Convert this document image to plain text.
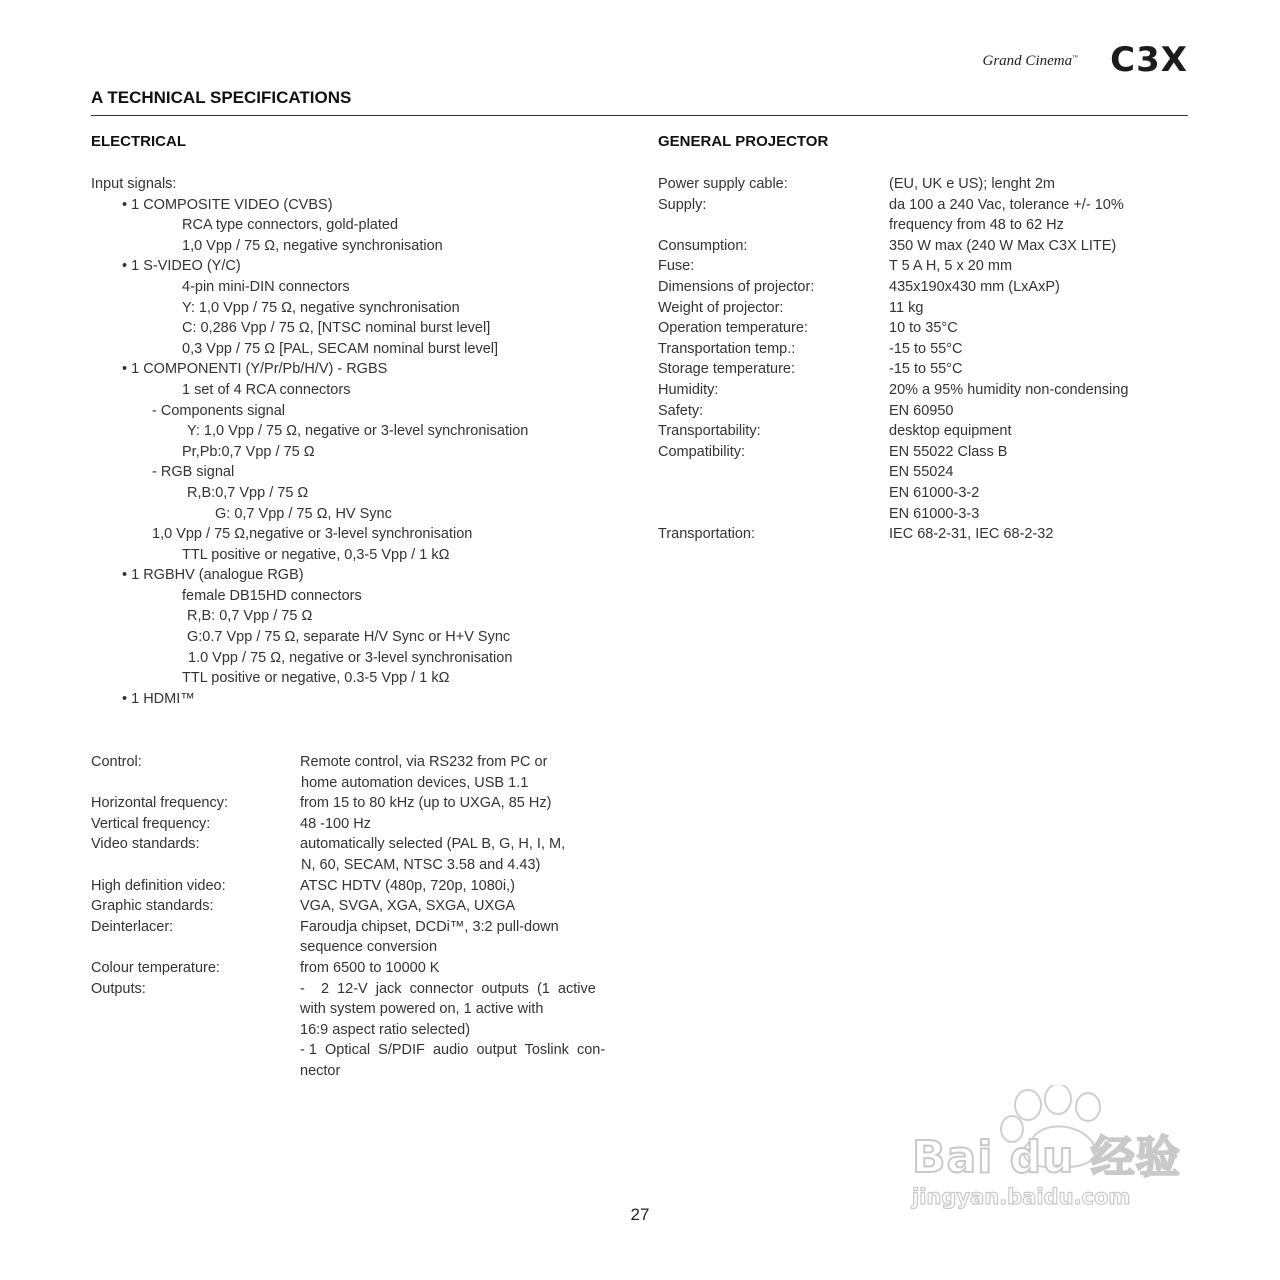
Grand Cinema™ C3X
A TECHNICAL SPECIFICATIONS
ELECTRICAL
Input signals:
• 1 COMPOSITE VIDEO (CVBS)
RCA type connectors, gold-plated
1,0 Vpp / 75 Ω, negative synchronisation
• 1 S-VIDEO (Y/C)
4-pin mini-DIN connectors
Y: 1,0 Vpp / 75 Ω, negative synchronisation
C: 0,286 Vpp / 75 Ω, [NTSC nominal burst level]
0,3 Vpp / 75 Ω [PAL, SECAM nominal burst level]
• 1 COMPONENTI (Y/Pr/Pb/H/V) - RGBS
1 set of 4 RCA connectors
- Components signal
Y: 1,0 Vpp / 75 Ω, negative or 3-level synchronisation
Pr,Pb:0,7 Vpp / 75 Ω
- RGB signal
R,B:0,7 Vpp / 75 Ω
G: 0,7 Vpp / 75 Ω, HV Sync
1,0 Vpp / 75 Ω,negative or 3-level synchronisation
TTL positive or negative, 0,3-5 Vpp / 1 kΩ
• 1 RGBHV (analogue RGB)
female DB15HD connectors
R,B: 0,7 Vpp / 75 Ω
G:0.7 Vpp / 75 Ω, separate H/V Sync or H+V Sync
1.0 Vpp / 75 Ω, negative or 3-level synchronisation
TTL positive or negative, 0.3-5 Vpp / 1 kΩ
• 1 HDMI™
Control:	Remote control, via RS232 from PC or
home automation devices, USB 1.1
Horizontal frequency:	from 15 to 80 kHz (up to UXGA, 85 Hz)
Vertical frequency:	48 -100 Hz
Video standards:	automatically selected (PAL B, G, H, I, M,
N, 60, SECAM, NTSC 3.58 and 4.43)
High definition video:	ATSC HDTV (480p, 720p, 1080i,)
Graphic standards:	VGA, SVGA, XGA, SXGA, UXGA
Deinterlacer:	Faroudja chipset, DCDi™, 3:2 pull-down
sequence conversion
Colour temperature:	from 6500 to 10000 K
Outputs:	-    2  12-V  jack  connector  outputs  (1  active
with system powered on, 1 active with
16:9 aspect ratio selected)
- 1  Optical  S/PDIF  audio  output  Toslink  con-
nector
GENERAL PROJECTOR
Power supply cable:	(EU, UK e US); lenght 2m
Supply:	da 100 a 240 Vac, tolerance +/- 10%
frequency from 48 to 62 Hz
Consumption:	350 W max (240 W Max C3X LITE)
Fuse:	T 5 A H, 5 x 20 mm
Dimensions of projector:	435x190x430 mm (LxAxP)
Weight of projector:	11 kg
Operation temperature:	10 to 35°C
Transportation temp.:	-15 to 55°C
Storage temperature:	-15 to 55°C
Humidity:	20% a 95% humidity non-condensing
Safety:	EN 60950
Transportability:	desktop equipment
Compatibility:	EN 55022 Class B
EN 55024
EN 61000-3-2
EN 61000-3-3
Transportation:	IEC 68-2-31, IEC 68-2-32
27
Bai du 经验
jingyan.baidu.com
